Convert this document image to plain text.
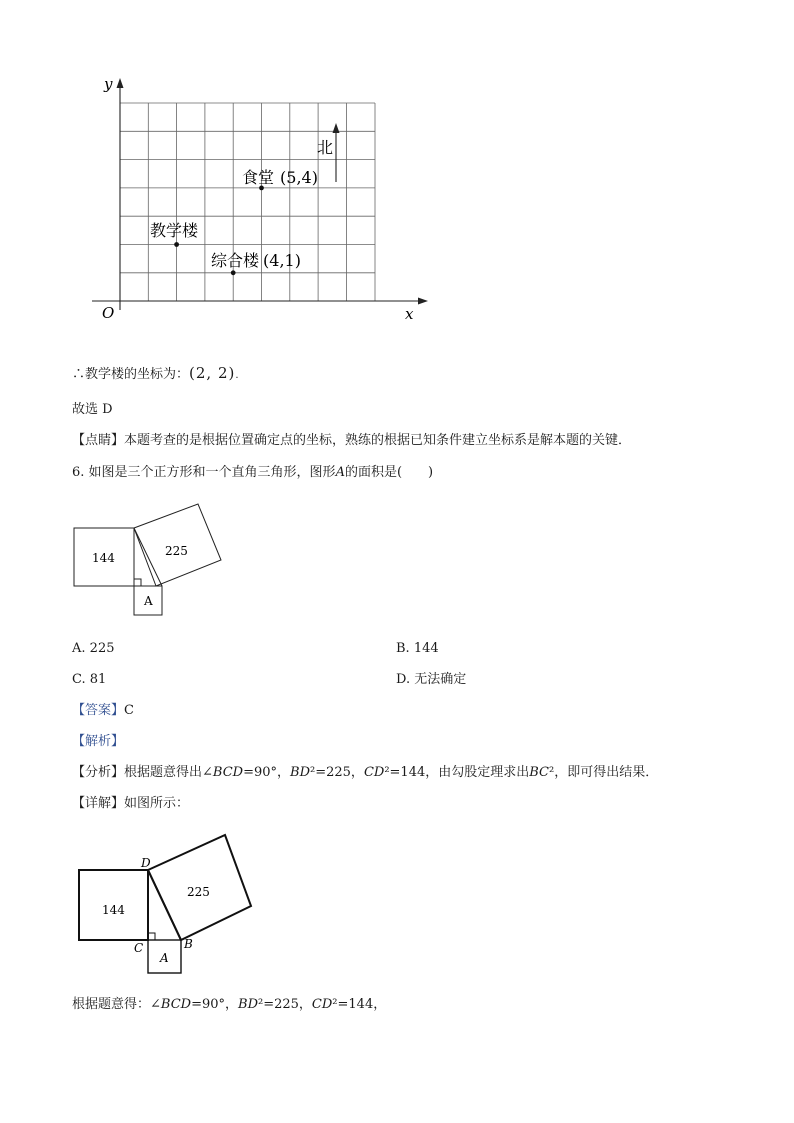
y
x
O
北
食堂 (5,4)
教学楼
综合楼 (4,1)
∴教学楼的坐标为：(2, 2).
故选 D
【点睛】本题考查的是根据位置确定点的坐标，熟练的根据已知条件建立坐标系是解本题的关键．
6. 如图是三个正方形和一个直角三角形，图形A的面积是(　　)
144	225
A
A. 225	B. 144
C. 81	D. 无法确定
【答案】C
【解析】
【分析】根据题意得出∠BCD=90°，BD²=225，CD²=144，由勾股定理求出BC²，即可得出结果．
【详解】如图所示：
144
225
A
D
C	B
根据题意得：∠BCD=90°，BD²=225，CD²=144，
